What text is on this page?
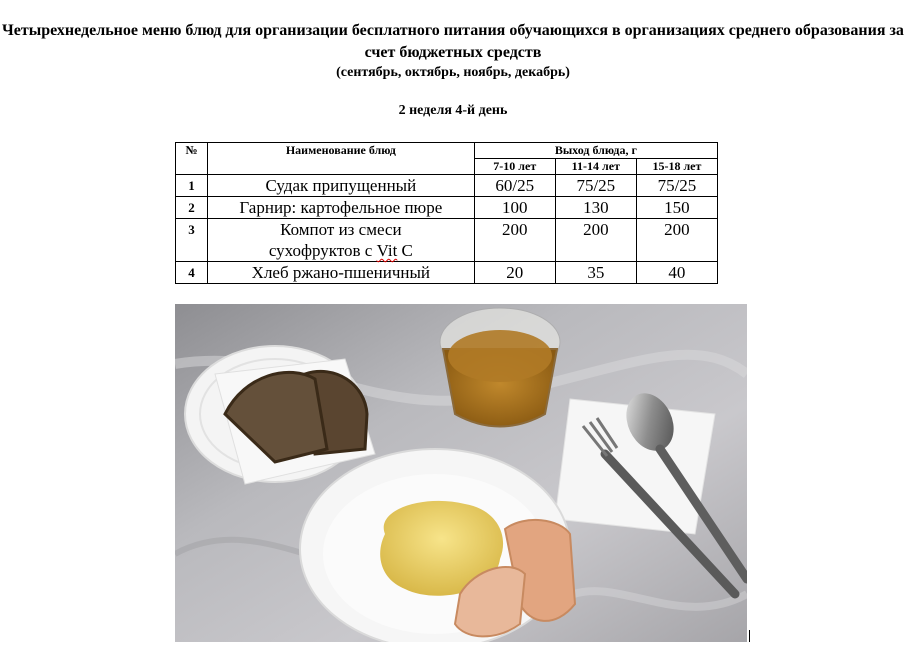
Четырехнедельное меню блюд для организации бесплатного питания обучающихся в организациях среднего образования за счет бюджетных средств
(сентябрь, октябрь, ноябрь, декабрь)
2 неделя 4-й день
№	Наименование блюд	Выход блюда, г		
		7-10 лет	11-14 лет	15-18 лет
1	Судак припущенный	60/25	75/25	75/25
2	Гарнир: картофельное пюре	100	130	150
3	Компот из смеси
сухофруктов с Vit С	200	200	200
4	Хлеб ржано-пшеничный	20	35	40
